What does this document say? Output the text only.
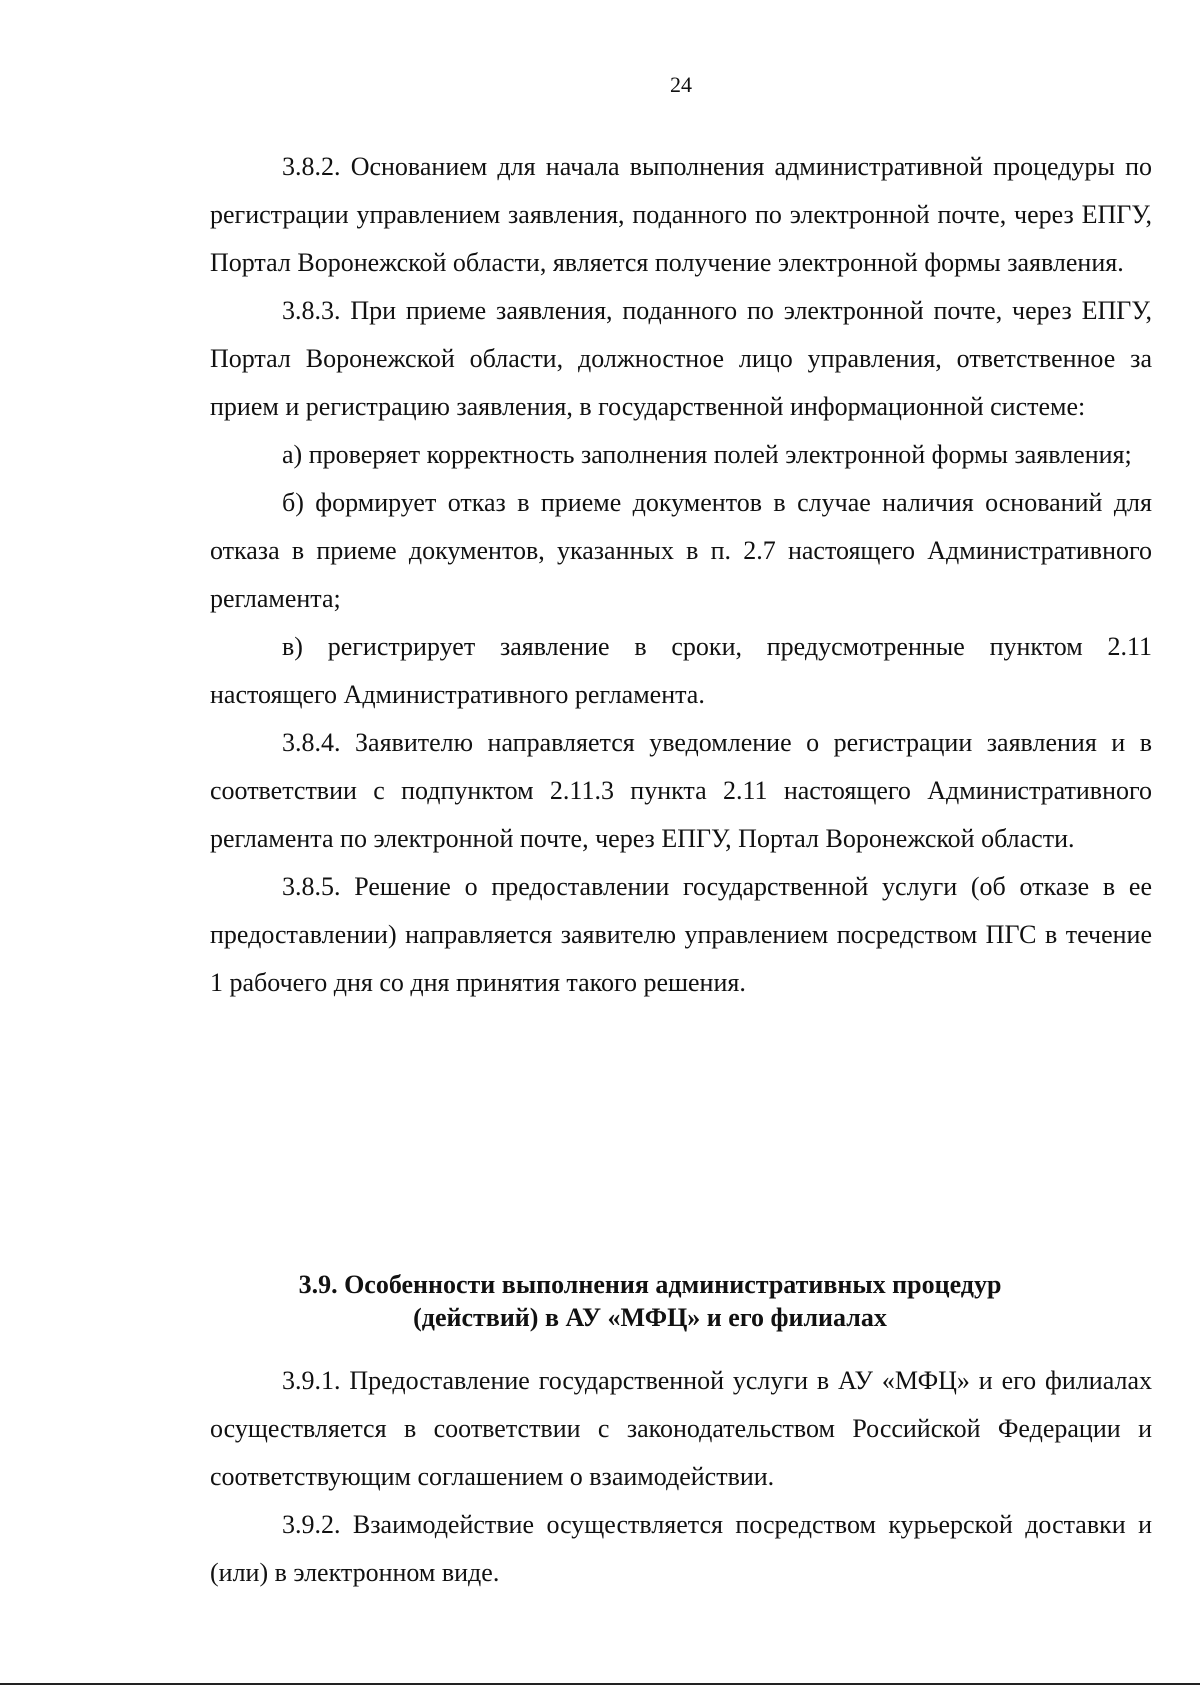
24

3.8.2. Основанием для начала выполнения административной процедуры по регистрации управлением заявления, поданного по электронной почте, через ЕПГУ, Портал Воронежской области, является получение электронной формы заявления.

3.8.3. При приеме заявления, поданного по электронной почте, через ЕПГУ, Портал Воронежской области, должностное лицо управления, ответственное за прием и регистрацию заявления, в государственной информационной системе:

а) проверяет корректность заполнения полей электронной формы заявления;

б) формирует отказ в приеме документов в случае наличия оснований для отказа в приеме документов, указанных в п. 2.7 настоящего Административного регламента;

в) регистрирует заявление в сроки, предусмотренные пунктом 2.11 настоящего Административного регламента.

3.8.4. Заявителю направляется уведомление о регистрации заявления и в соответствии с подпунктом 2.11.3 пункта 2.11 настоящего Административного регламента по электронной почте, через ЕПГУ, Портал Воронежской области.

3.8.5. Решение о предоставлении государственной услуги (об отказе в ее предоставлении) направляется заявителю управлением посредством ПГС в течение 1 рабочего дня со дня принятия такого решения.

3.9. Особенности выполнения административных процедур
(действий) в АУ «МФЦ» и его филиалах

3.9.1. Предоставление государственной услуги в АУ «МФЦ» и его филиалах осуществляется в соответствии с законодательством Российской Федерации и соответствующим соглашением о взаимодействии.

3.9.2. Взаимодействие осуществляется посредством курьерской доставки и (или) в электронном виде.
